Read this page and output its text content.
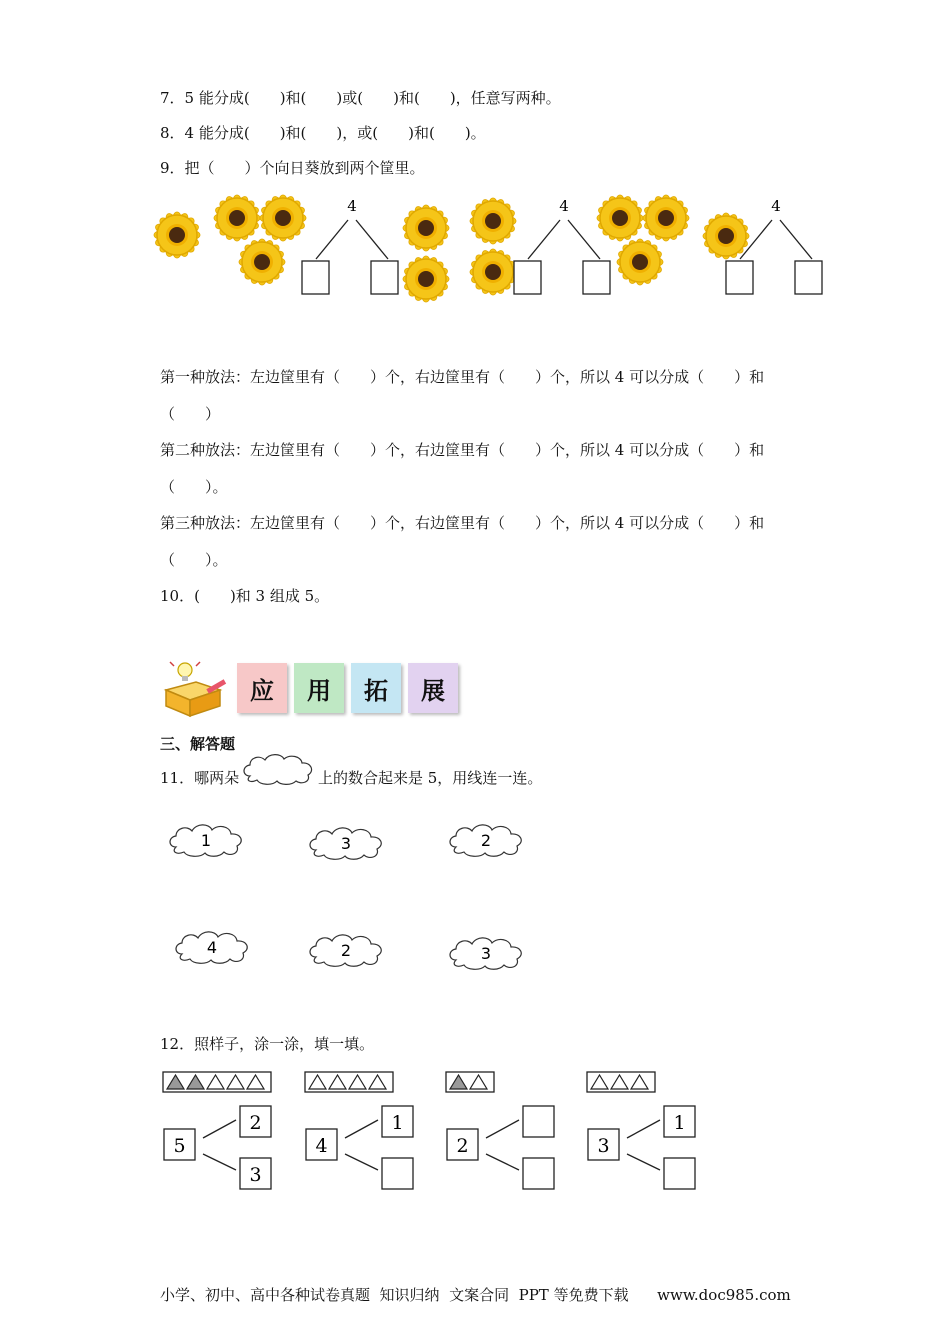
7．5 能分成(　　)和(　　)或(　　)和(　　)，任意写两种。
8．4 能分成(　　)和(　　)，或(　　)和(　　)。
9．把（　　）个向日葵放到两个筐里。
4	4	4
第一种放法：左边筐里有（　　）个，右边筐里有（　　）个，所以 4 可以分成（　　）和
（　　）
第二种放法：左边筐里有（　　）个，右边筐里有（　　）个，所以 4 可以分成（　　）和
（　　）。
第三种放法：左边筐里有（　　）个，右边筐里有（　　）个，所以 4 可以分成（　　）和
（　　）。
10．(　　)和 3 组成 5。
应 用 拓 展
三、解答题
11．哪两朵	上的数合起来是 5，用线连一连。
1	3	2
4	2	3
12．照样子，涂一涂，填一填。
5
2
3
4
1
2	3
1
小学、初中、高中各种试卷真题  知识归纳  文案合同  PPT 等免费下载      www.doc985.com
